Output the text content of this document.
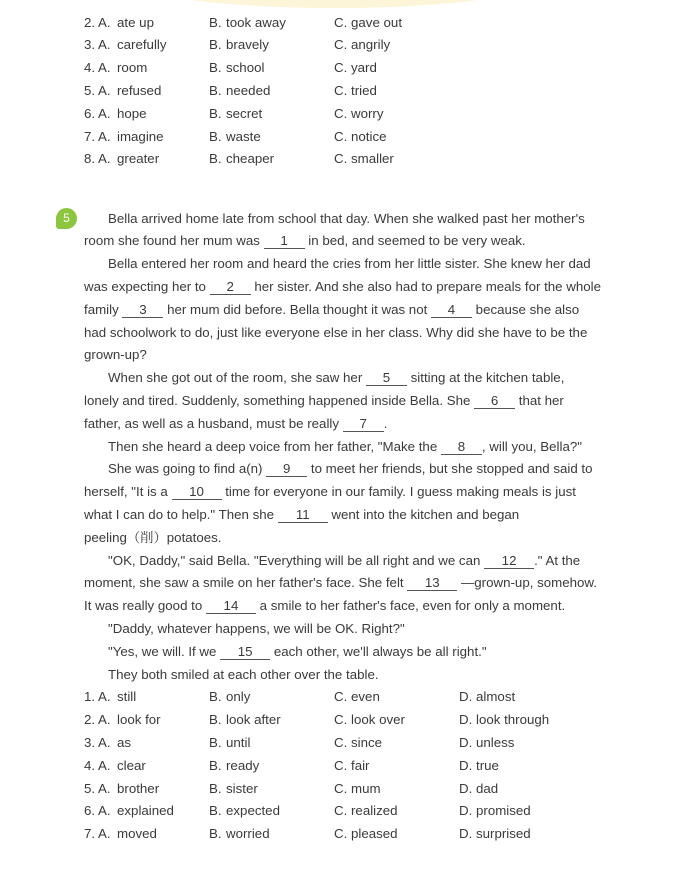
2. A. ate up	B. took away	C. gave out
3. A. carefully	B. bravely	C. angrily
4. A. room	B. school	C. yard
5. A. refused	B. needed	C. tried
6. A. hope	B. secret	C. worry
7. A. imagine	B. waste	C. notice
8. A. greater	B. cheaper	C. smaller
5	Bella arrived home late from school that day. When she walked past her mother's
room she found her mum was 1 in bed, and seemed to be very weak.
Bella entered her room and heard the cries from her little sister. She knew her dad
was expecting her to 2 her sister. And she also had to prepare meals for the whole
family 3 her mum did before. Bella thought it was not 4 because she also
had schoolwork to do, just like everyone else in her class. Why did she have to be the
grown-up?
When she got out of the room, she saw her 5 sitting at the kitchen table,
lonely and tired. Suddenly, something happened inside Bella. She 6 that her
father, as well as a husband, must be really 7 .
Then she heard a deep voice from her father, "Make the 8 , will you, Bella?"
She was going to find a(n) 9 to meet her friends, but she stopped and said to
herself, "It is a 10 time for everyone in our family. I guess making meals is just
what I can do to help." Then she 11 went into the kitchen and began
peeling（削）potatoes.
"OK, Daddy," said Bella. "Everything will be all right and we can 12 ." At the
moment, she saw a smile on her father's face. She felt 13 —grown-up, somehow.
It was really good to 14 a smile to her father's face, even for only a moment.
"Daddy, whatever happens, we will be OK. Right?"
"Yes, we will. If we 15 each other, we'll always be all right."
They both smiled at each other over the table.
1. A. still	B. only	C. even	D. almost
2. A. look for	B. look after	C. look over	D. look through
3. A. as	B. until	C. since	D. unless
4. A. clear	B. ready	C. fair	D. true
5. A. brother	B. sister	C. mum	D. dad
6. A. explained	B. expected	C. realized	D. promised
7. A. moved	B. worried	C. pleased	D. surprised
